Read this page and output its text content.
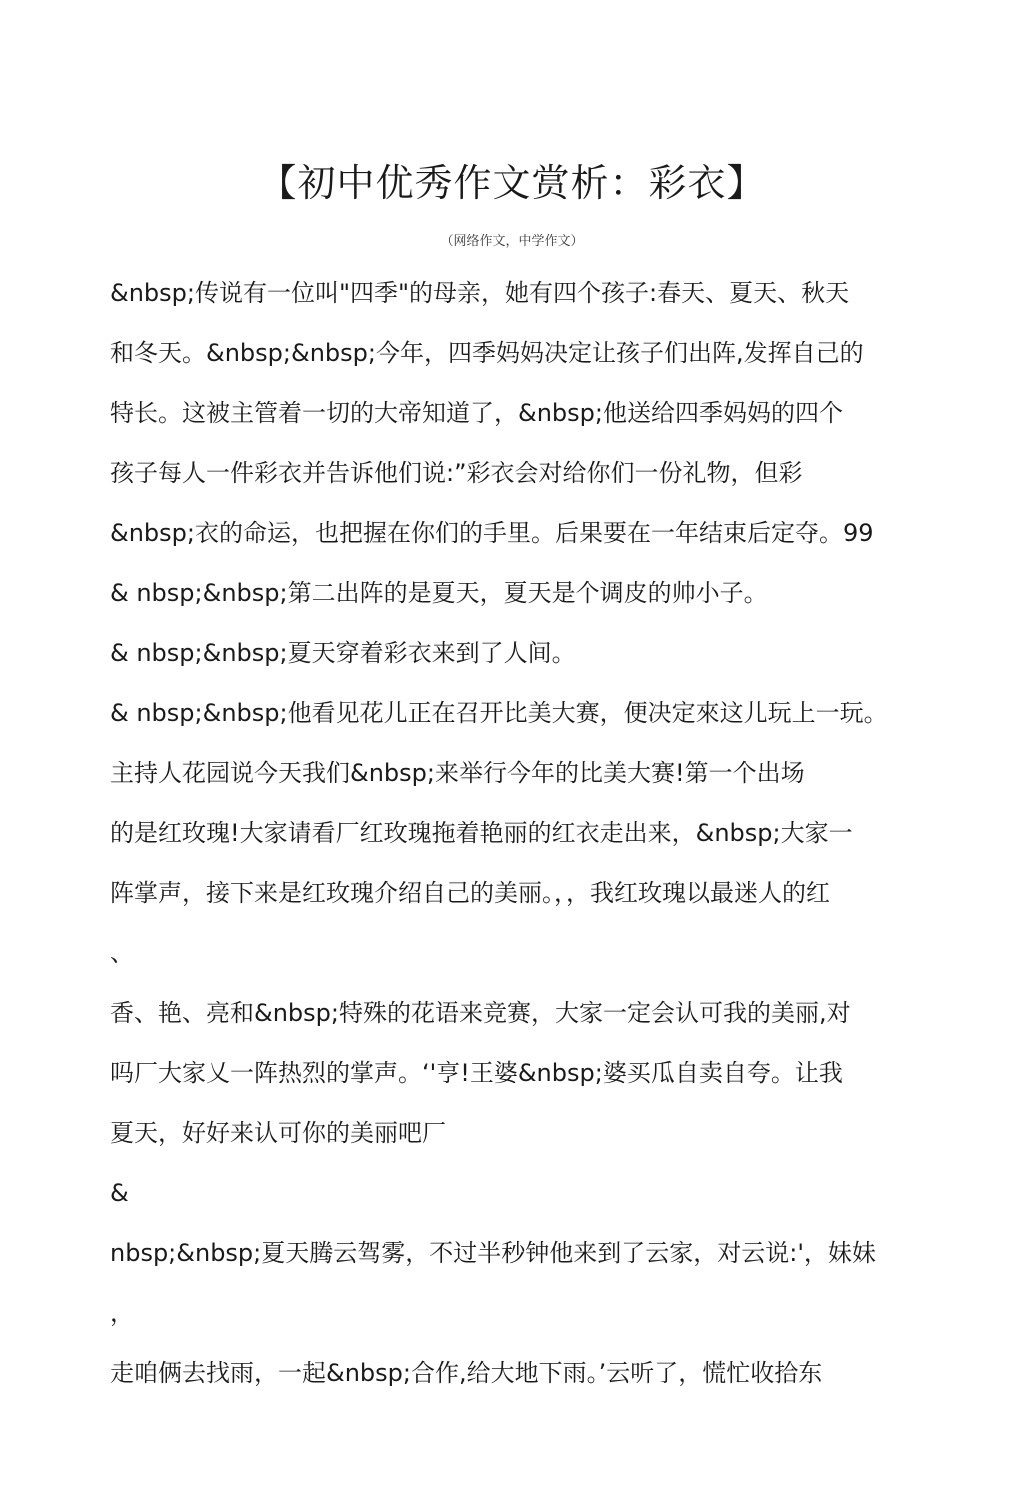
【初中优秀作文赏析：彩衣】
（网络作文，中学作文）
&nbsp;传说有一位叫"四季"的母亲，她有四个孩子:春天、夏天、秋天
和冬天。&nbsp;&nbsp;今年，四季妈妈决定让孩子们出阵,发挥自己的
特长。这被主管着一切的大帝知道了，&nbsp;他送给四季妈妈的四个
孩子每人一件彩衣并告诉他们说:”彩衣会对给你们一份礼物，但彩
&nbsp;衣的命运，也把握在你们的手里。后果要在一年结束后定夺。99
& nbsp;&nbsp;第二出阵的是夏天，夏天是个调皮的帅小子。
& nbsp;&nbsp;夏天穿着彩衣来到了人间。
& nbsp;&nbsp;他看见花儿正在召开比美大赛，便决定來这儿玩上一玩。
主持人花园说今天我们&nbsp;来举行今年的比美大赛!第一个出场
的是红玫瑰!大家请看厂红玫瑰拖着艳丽的红衣走出来，&nbsp;大家一
阵掌声，接下来是红玫瑰介绍自己的美丽。，，我红玫瑰以最迷人的红
、
香、艳、亮和&nbsp;特殊的花语来竞赛，大家一定会认可我的美丽,对
吗厂大家乂一阵热烈的掌声。‘'亨!王婆&nbsp;婆买瓜自卖自夸。让我
夏天，好好来认可你的美丽吧厂
&
nbsp;&nbsp;夏天腾云驾雾，不过半秒钟他来到了云家，对云说:'，妹妹
，
走咱俩去找雨，一起&nbsp;合作,给大地下雨。’云听了，慌忙收拾东
